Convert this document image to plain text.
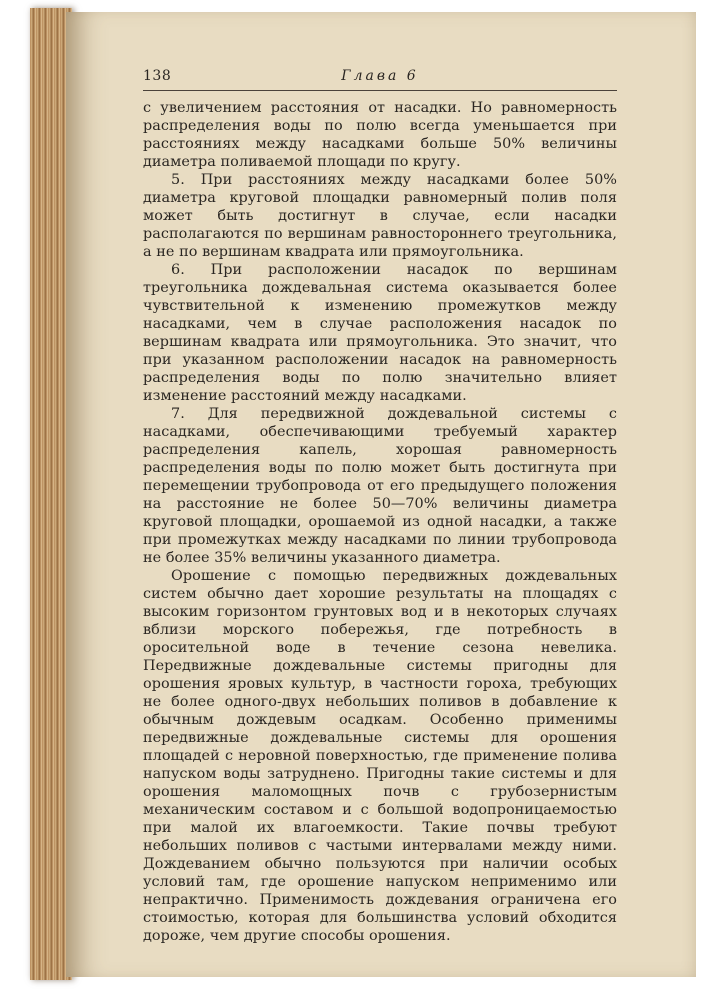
138	Глава 6

с увеличением расстояния от насадки. Но равномерность распределения воды по полю всегда уменьшается при расстояниях между насадками больше 50% величины диаметра поливаемой площади по кругу.

5. При расстояниях между насадками более 50% диаметра круговой площадки равномерный полив поля может быть достигнут в случае, если насадки располагаются по вершинам равностороннего треугольника, а не по вершинам квадрата или прямоугольника.

6. При расположении насадок по вершинам треугольника дождевальная система оказывается более чувствительной к изменению промежутков между насадками, чем в случае расположения насадок по вершинам квадрата или прямоугольника. Это значит, что при указанном расположении насадок на равномерность распределения воды по полю значительно влияет изменение расстояний между насадками.

7. Для передвижной дождевальной системы с насадками, обеспечивающими требуемый характер распределения капель, хорошая равномерность распределения воды по полю может быть достигнута при перемещении трубопровода от его предыдущего положения на расстояние не более 50—70% величины диаметра круговой площадки, орошаемой из одной насадки, а также при промежутках между насадками по линии трубопровода не более 35% величины указанного диаметра.

Орошение с помощью передвижных дождевальных систем обычно дает хорошие результаты на площадях с высоким горизонтом грунтовых вод и в некоторых случаях вблизи морского побережья, где потребность в оросительной воде в течение сезона невелика. Передвижные дождевальные системы пригодны для орошения яровых культур, в частности гороха, требующих не более одного-двух небольших поливов в добавление к обычным дождевым осадкам. Особенно применимы передвижные дождевальные системы для орошения площадей с неровной поверхностью, где применение полива напуском воды затруднено. Пригодны такие системы и для орошения маломощных почв с грубозернистым механическим составом и с большой водопроницаемостью при малой их влагоемкости. Такие почвы требуют небольших поливов с частыми интервалами между ними. Дождеванием обычно пользуются при наличии особых условий там, где орошение напуском неприменимо или непрактично. Применимость дождевания ограничена его стоимостью, которая для большинства условий обходится дороже, чем другие способы орошения.
